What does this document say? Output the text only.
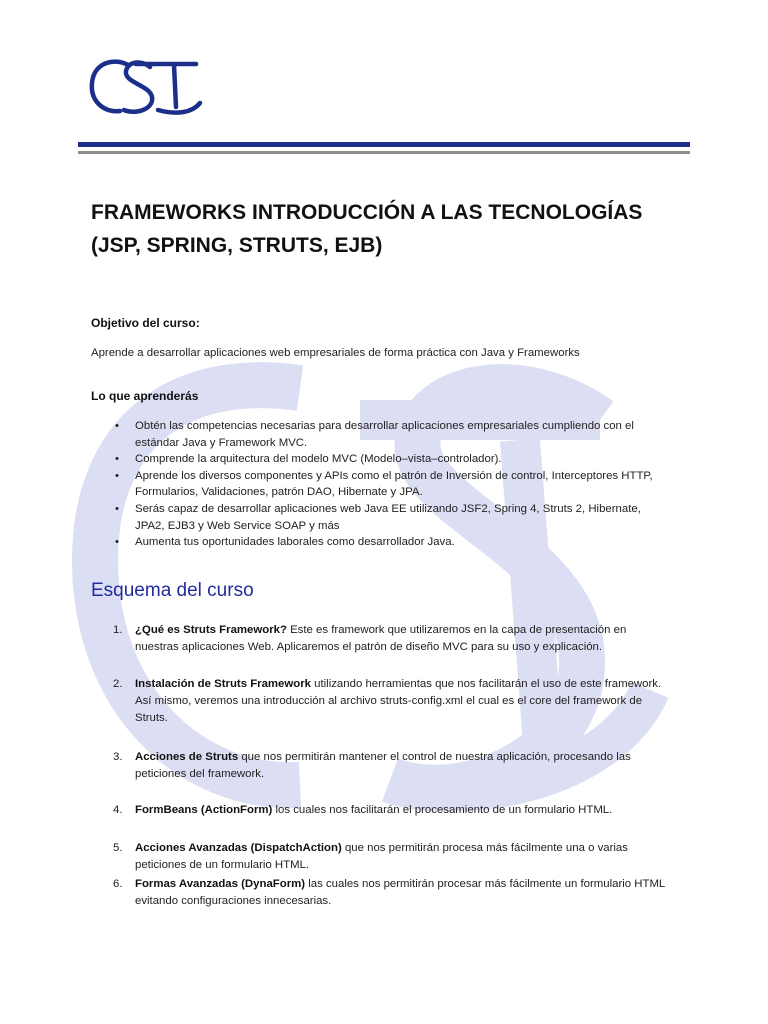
FRAMEWORKS INTRODUCCIÓN A LAS TECNOLOGÍAS
(JSP, SPRING, STRUTS, EJB)

Objetivo del curso:

Aprende a desarrollar aplicaciones web empresariales de forma práctica con Java y Frameworks

Lo que aprenderás

• Obtén las competencias necesarias para desarrollar aplicaciones empresariales cumpliendo con el estándar Java y Framework MVC.
• Comprende la arquitectura del modelo MVC (Modelo–vista–controlador).
• Aprende los diversos componentes y APIs como el patrón de Inversión de control, Interceptores HTTP, Formularios, Validaciones, patrón DAO, Hibernate y JPA.
• Serás capaz de desarrollar aplicaciones web Java EE utilizando JSF2, Spring 4, Struts 2, Hibernate, JPA2, EJB3 y Web Service SOAP y más
• Aumenta tus oportunidades laborales como desarrollador Java.
Esquema del curso
1. ¿Qué es Struts Framework? Este es framework que utilizaremos en la capa de presentación en nuestras aplicaciones Web. Aplicaremos el patrón de diseño MVC para su uso y explicación.
2. Instalación de Struts Framework utilizando herramientas que nos facilitarán el uso de este framework. Así mismo, veremos una introducción al archivo struts-config.xml el cual es el core del framework de Struts.
3. Acciones de Struts que nos permitirán mantener el control de nuestra aplicación, procesando las peticiones del framework.
4. FormBeans (ActionForm) los cuales nos facilitarán el procesamiento de un formulario HTML.
5. Acciones Avanzadas (DispatchAction) que nos permitirán procesa más fácilmente una o varias peticiones de un formulario HTML.
6. Formas Avanzadas (DynaForm) las cuales nos permitirán procesar más fácilmente un formulario HTML evitando configuraciones innecesarias.
